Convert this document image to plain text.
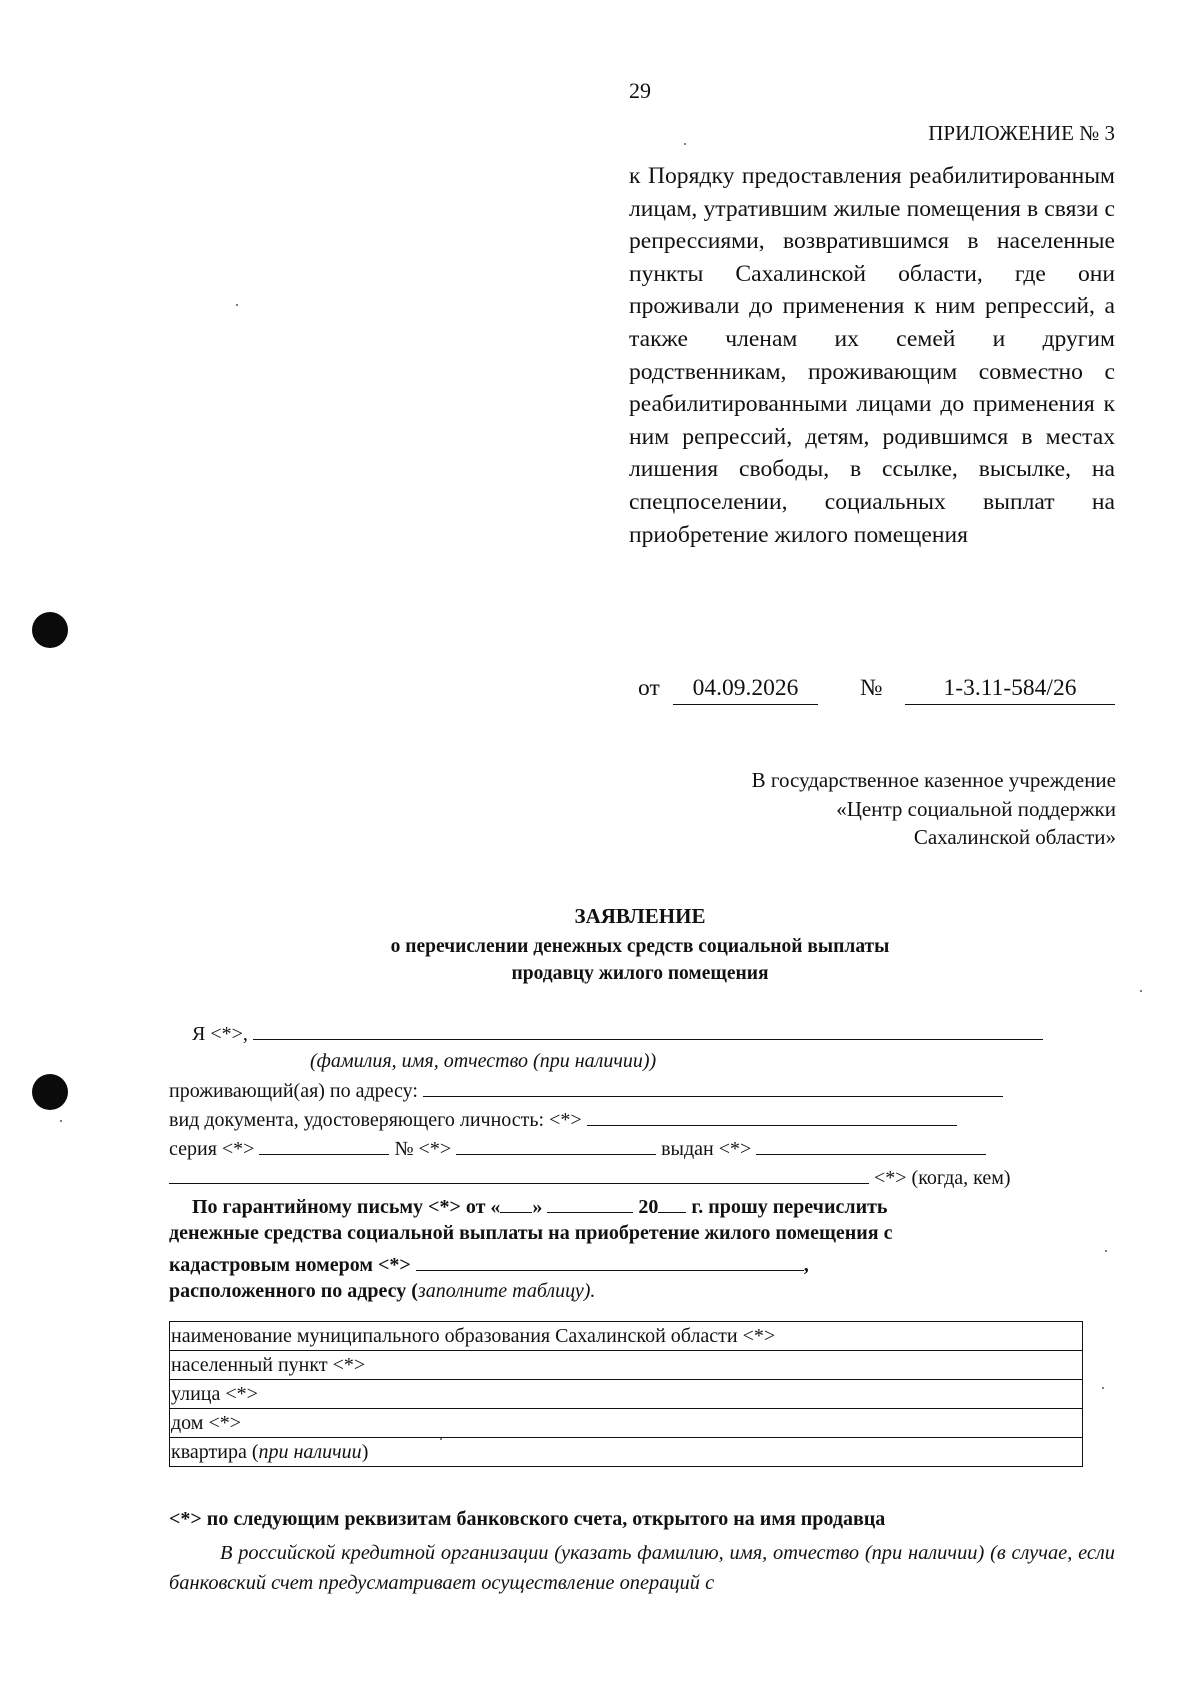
29
ПРИЛОЖЕНИЕ № 3
к Порядку предоставления реабилитированным лицам, утратившим жилые помещения в связи с репрессиями, возвратившимся в населенные пункты Сахалинской области, где они проживали до применения к ним репрессий, а также членам их семей и другим родственникам, проживающим совместно с реабилитированными лицами до применения к ним репрессий, детям, родившимся в местах лишения свободы, в ссылке, высылке, на спецпоселении, социальных выплат на приобретение жилого помещения
от	04.09.2026	№	1-3.11-584/26
В государственное казенное учреждение
«Центр социальной поддержки
Сахалинской области»
ЗАЯВЛЕНИЕ
о перечислении денежных средств социальной выплаты
продавцу жилого помещения
Я <*>,
(фамилия, имя, отчество (при наличии))
проживающий(ая) по адресу:
вид документа, удостоверяющего личность: <*>
серия <*>	№ <*>	выдан <*>
<*> (когда, кем)
По гарантийному письму <*> от « »	20 г. прошу перечислить
денежные средства социальной выплаты на приобретение жилого помещения с
кадастровым номером <*>	,
расположенного по адресу (заполните таблицу).
наименование муниципального образования Сахалинской области <*>
населенный пункт <*>
улица <*>
дом <*>
квартира (при наличии)
<*> по следующим реквизитам банковского счета, открытого на имя продавца
В российской кредитной организации (указать фамилию, имя, отчество (при наличии) (в случае, если банковский счет предусматривает осуществление операций с
